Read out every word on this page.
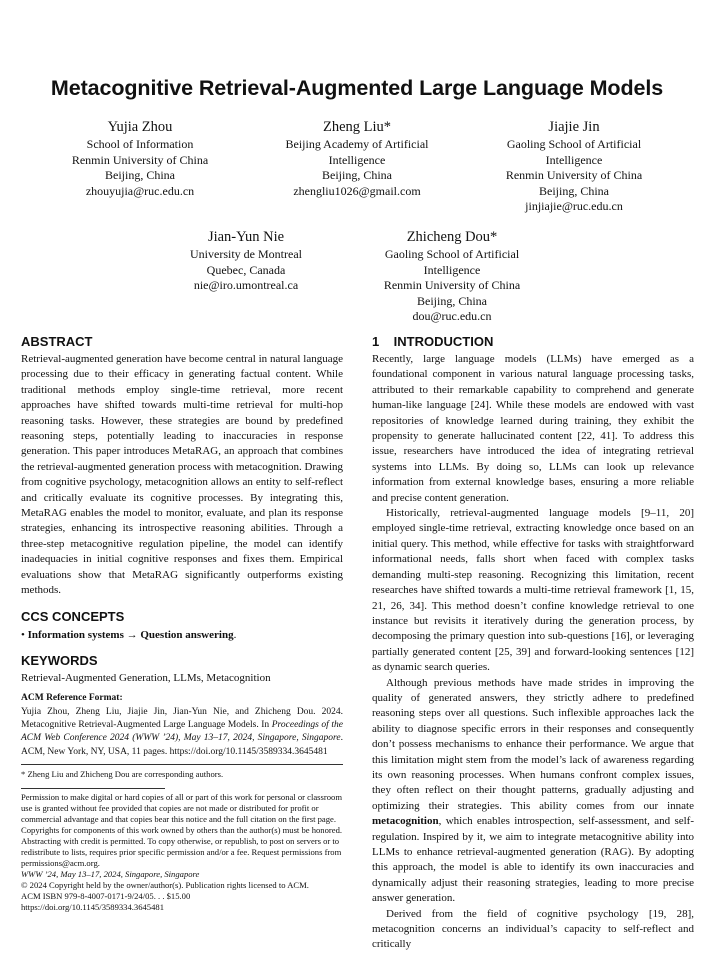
Metacognitive Retrieval-Augmented Large Language Models
Yujia Zhou
School of Information
Renmin University of China
Beijing, China
zhouyujia@ruc.edu.cn
Zheng Liu*
Beijing Academy of Artificial
Intelligence
Beijing, China
zhengliu1026@gmail.com
Jiajie Jin
Gaoling School of Artificial
Intelligence
Renmin University of China
Beijing, China
jinjiajie@ruc.edu.cn
Jian-Yun Nie
University de Montreal
Quebec, Canada
nie@iro.umontreal.ca
Zhicheng Dou*
Gaoling School of Artificial
Intelligence
Renmin University of China
Beijing, China
dou@ruc.edu.cn
ABSTRACT

Retrieval-augmented generation have become central in natural language processing due to their efficacy in generating factual content. While traditional methods employ single-time retrieval, more recent approaches have shifted towards multi-time retrieval for multi-hop reasoning tasks. However, these strategies are bound by predefined reasoning steps, potentially leading to inaccuracies in response generation. This paper introduces MetaRAG, an approach that combines the retrieval-augmented generation process with metacognition. Drawing from cognitive psychology, metacognition allows an entity to self-reflect and critically evaluate its cognitive processes. By integrating this, MetaRAG enables the model to monitor, evaluate, and plan its response strategies, enhancing its introspective reasoning abilities. Through a three-step metacognitive regulation pipeline, the model can identify inadequacies in initial cognitive responses and fixes them. Empirical evaluations show that MetaRAG significantly outperforms existing methods.

CCS CONCEPTS

• Information systems → Question answering.

KEYWORDS

Retrieval-Augmented Generation, LLMs, Metacognition

ACM Reference Format:

Yujia Zhou, Zheng Liu, Jiajie Jin, Jian-Yun Nie, and Zhicheng Dou. 2024. Metacognitive Retrieval-Augmented Large Language Models. In Proceedings of the ACM Web Conference 2024 (WWW ’24), May 13–17, 2024, Singapore, Singapore. ACM, New York, NY, USA, 11 pages. https://doi.org/10.1145/3589334.3645481

* Zheng Liu and Zhicheng Dou are corresponding authors.

Permission to make digital or hard copies of all or part of this work for personal or classroom use is granted without fee provided that copies are not made or distributed for profit or commercial advantage and that copies bear this notice and the full citation on the first page. Copyrights for components of this work owned by others than the author(s) must be honored. Abstracting with credit is permitted. To copy otherwise, or republish, to post on servers or to redistribute to lists, requires prior specific permission and/or a fee. Request permissions from permissions@acm.org.

WWW ’24, May 13–17, 2024, Singapore, Singapore

© 2024 Copyright held by the owner/author(s). Publication rights licensed to ACM.

ACM ISBN 979-8-4007-0171-9/24/05. . . $15.00

https://doi.org/10.1145/3589334.3645481

1    INTRODUCTION

Recently, large language models (LLMs) have emerged as a foundational component in various natural language processing tasks, attributed to their remarkable capability to comprehend and generate human-like language [24]. While these models are endowed with vast repositories of knowledge learned during training, they exhibit the propensity to generate hallucinated content [22, 41]. To address this issue, researchers have introduced the idea of integrating retrieval systems into LLMs. By doing so, LLMs can look up relevance information from external knowledge bases, ensuring a more reliable and precise content generation.

Historically, retrieval-augmented language models [9–11, 20] employed single-time retrieval, extracting knowledge once based on an initial query. This method, while effective for tasks with straightforward informational needs, falls short when faced with complex tasks demanding multi-step reasoning. Recognizing this limitation, recent researches have shifted towards a multi-time retrieval framework [1, 15, 21, 26, 34]. This method doesn’t confine knowledge retrieval to one instance but revisits it iteratively during the generation process, by decomposing the primary question into sub-questions [16], or leveraging partially generated content [25, 39] and forward-looking sentences [12] as dynamic search queries.

Although previous methods have made strides in improving the quality of generated answers, they strictly adhere to predefined reasoning steps over all questions. Such inflexible approaches lack the ability to diagnose specific errors in their responses and consequently don’t possess mechanisms to enhance their performance. We argue that this limitation might stem from the model’s lack of awareness regarding its own reasoning processes. When humans confront complex issues, they often reflect on their thought patterns, gradually adjusting and optimizing their strategies. This ability comes from our innate metacognition, which enables introspection, self-assessment, and self-regulation. Inspired by it, we aim to integrate metacognitive ability into LLMs to enhance retrieval-augmented generation (RAG). By adopting this approach, the model is able to identify its own inaccuracies and dynamically adjust their reasoning strategies, leading to more precise answer generation.

Derived from the field of cognitive psychology [19, 28], metacognition concerns an individual’s capacity to self-reflect and critically
